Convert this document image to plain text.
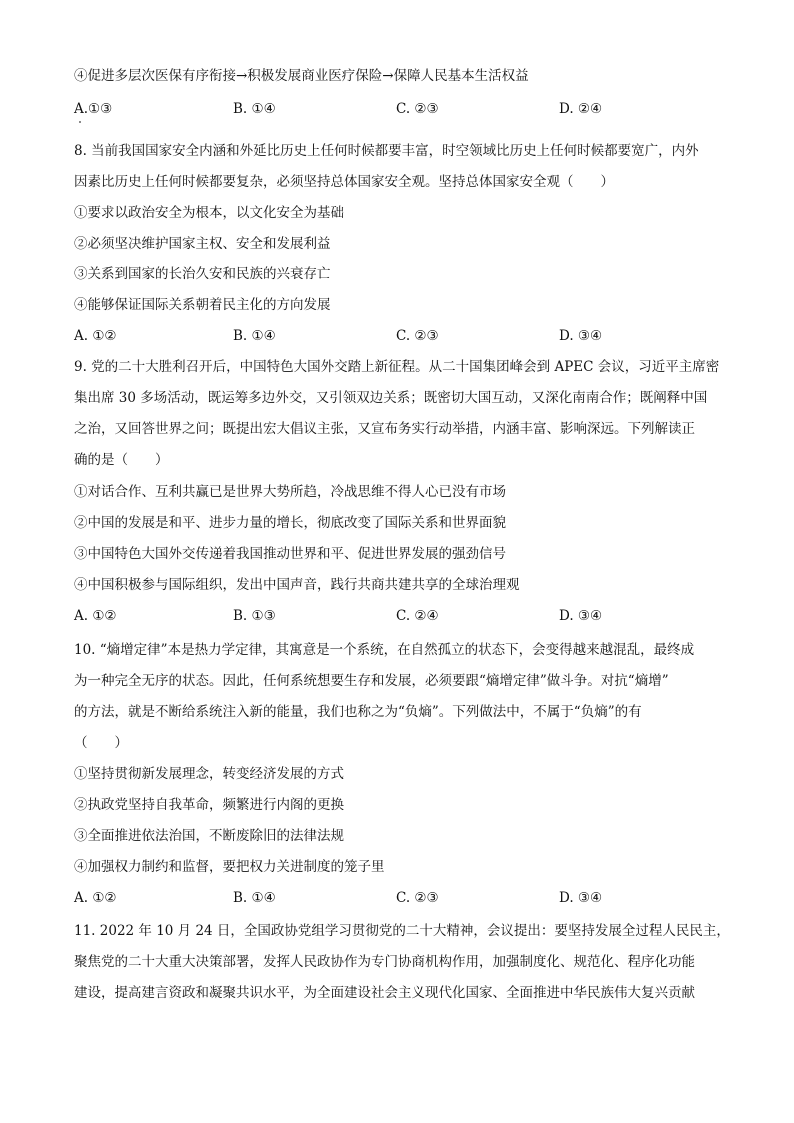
④促进多层次医保有序衔接→积极发展商业医疗保险→保障人民基本生活权益
A.①③	B. ①④	C. ②③	D. ②④
8. 当前我国国家安全内涵和外延比历史上任何时候都要丰富，时空领域比历史上任何时候都要宽广，内外
因素比历史上任何时候都要复杂，必须坚持总体国家安全观。坚持总体国家安全观（　　）
①要求以政治安全为根本，以文化安全为基础
②必须坚决维护国家主权、安全和发展利益
③关系到国家的长治久安和民族的兴衰存亡
④能够保证国际关系朝着民主化的方向发展
A. ①②	B. ①④	C. ②③	D. ③④
9. 党的二十大胜利召开后，中国特色大国外交踏上新征程。从二十国集团峰会到 APEC 会议，习近平主席密
集出席 30 多场活动，既运筹多边外交，又引领双边关系；既密切大国互动，又深化南南合作；既阐释中国
之治，又回答世界之问；既提出宏大倡议主张，又宣布务实行动举措，内涵丰富、影响深远。下列解读正
确的是（　　）
①对话合作、互利共赢已是世界大势所趋，冷战思维不得人心已没有市场
②中国的发展是和平、进步力量的增长，彻底改变了国际关系和世界面貌
③中国特色大国外交传递着我国推动世界和平、促进世界发展的强劲信号
④中国积极参与国际组织，发出中国声音，践行共商共建共享的全球治理观
A. ①②	B. ①③	C. ②④	D. ③④
10. “熵增定律”本是热力学定律，其寓意是一个系统，在自然孤立的状态下，会变得越来越混乱，最终成
为一种完全无序的状态。因此，任何系统想要生存和发展，必须要跟“熵增定律”做斗争。对抗“熵增”
的方法，就是不断给系统注入新的能量，我们也称之为“负熵”。下列做法中，不属于“负熵”的有
（　　）
①坚持贯彻新发展理念，转变经济发展的方式
②执政党坚持自我革命，频繁进行内阁的更换
③全面推进依法治国，不断废除旧的法律法规
④加强权力制约和监督，要把权力关进制度的笼子里
A. ①②	B. ①④	C. ②③	D. ③④
11. 2022 年 10 月 24 日，全国政协党组学习贯彻党的二十大精神，会议提出：要坚持发展全过程人民民主，
聚焦党的二十大重大决策部署，发挥人民政协作为专门协商机构作用，加强制度化、规范化、程序化功能
建设，提高建言资政和凝聚共识水平，为全面建设社会主义现代化国家、全面推进中华民族伟大复兴贡献
